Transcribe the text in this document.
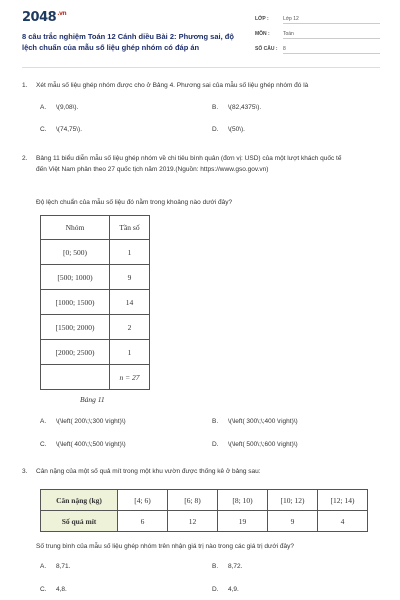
$2048^{.vn}$
8 câu trắc nghiệm Toán 12 Cánh diều Bài 2: Phương sai, độ lệch chuẩn của mẫu số liệu ghép nhóm có đáp án
LỚP :	Lớp 12
MÔN :	Toán
SỐ CÂU : 8
1. Xét mẫu số liệu ghép nhóm được cho ở Bảng 4. Phương sai của mẫu số liệu ghép nhóm đó là
A. \(9,08\).	B. \(82,4375\).
C. \(74,75\).	D. \(50\).
2. Bảng 11 biểu diễn mẫu số liệu ghép nhóm về chi tiêu bình quân (đơn vị: USD) của một lượt khách quốc tế đến Việt Nam phân theo 27 quốc tịch năm 2019.(Nguồn: https://www.gso.gov.vn)
Độ lệch chuẩn của mẫu số liệu đó nằm trong khoảng nào dưới đây?
Nhóm	Tần số
[0; 500)	1
[500; 1000)	9
[1000; 1500)	14
[1500; 2000)	2
[2000; 2500)	1
	n = 27
Bảng 11
A. \(\left( 200\;\;300 \right)\)	B. \(\left( 300\;\;400 \right)\)
C. \(\left( 400\;\;500 \right)\)	D. \(\left( 500\;\;600 \right)\)
3. Cân nặng của một số quả mít trong một khu vườn được thống kê ở bảng sau:
Cân nặng (kg)	[4; 6)	[6; 8)	[8; 10)	[10; 12)	[12; 14)
Số quả mít	6	12	19	9	4
Số trung bình của mẫu số liệu ghép nhóm trên nhận giá trị nào trong các giá trị dưới đây?
A. 8,71.	B. 8,72.
C. 4,8.	D. 4,9.
